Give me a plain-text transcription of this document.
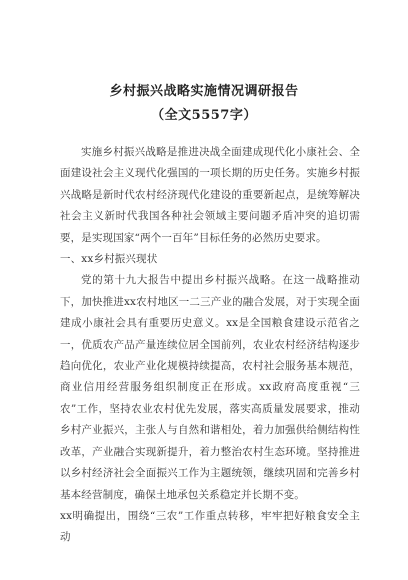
乡村振兴战略实施情况调研报告
（全文5557字）

实施乡村振兴战略是推进决战全面建成现代化小康社会、全面建设社会主义现代化强国的一项长期的历史任务。实施乡村振兴战略是新时代农村经济现代化建设的重要新起点，是统筹解决社会主义新时代我国各种社会领域主要问题矛盾冲突的追切需要，是实现国家“两个一百年”目标任务的必然历史要求。

一、xx乡村振兴现状

党的第十九大报告中提出乡村振兴战略。在这一战略推动下，加快推进xx农村地区一二三产业的融合发展，对于实现全面建成小康社会具有重要历史意义。xx是全国粮食建设示范省之一，优质农产品产量连续位居全国前列，农业农村经济结构逐步趋向优化，农业产业化规模持续提高，农村社会服务基本规范，商业信用经营服务组织制度正在形成。xx政府高度重视“三农”工作，坚持农业农村优先发展，落实高质量发展要求，推动乡村产业振兴，主张人与自然和谐相处，着力加强供给侧结构性改革，产业融合实现新提升，着力整治农村生态环境。坚持推进以乡村经济社会全面振兴工作为主题统领，继续巩固和完善乡村基本经营制度，确保土地承包关系稳定并长期不变。

xx明确提出，围绕“三农”工作重点转移，牢牢把好粮食安全主动
